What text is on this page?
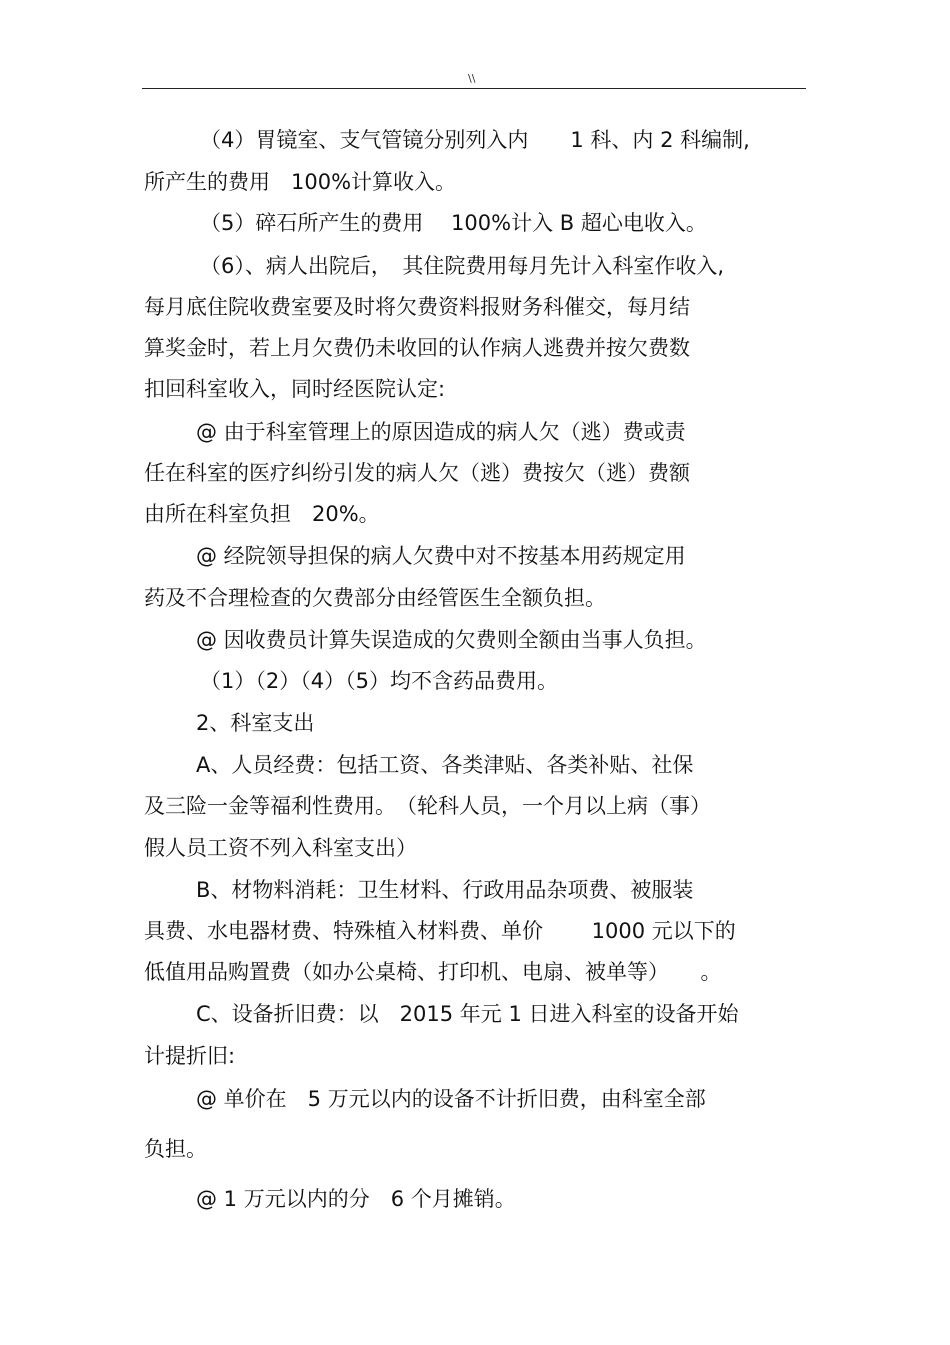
\\
（4）胃镜室、支气管镜分别列入内　　1 科、内 2 科编制,
所产生的费用　100%计算收入。
（5）碎石所产生的费用　 100%计入 B 超心电收入。
（6）、病人出院后，　其住院费用每月先计入科室作收入,
每月底住院收费室要及时将欠费资料报财务科催交，每月结
算奖金时，若上月欠费仍未收回的认作病人逃费并按欠费数
扣回科室收入，同时经医院认定:
@ 由于科室管理上的原因造成的病人欠（逃）费或责
任在科室的医疗纠纷引发的病人欠（逃）费按欠（逃）费额
由所在科室负担　20%。
@ 经院领导担保的病人欠费中对不按基本用药规定用
药及不合理检查的欠费部分由经管医生全额负担。
@ 因收费员计算失误造成的欠费则全额由当事人负担。
（1）（2）（4）（5）均不含药品费用。
2、科室支出
A、人员经费：包括工资、各类津贴、各类补贴、社保
及三险一金等福利性费用。　（轮科人员，一个月以上病（事）
假人员工资不列入科室支出）
B、材物料消耗：卫生材料、行政用品杂项费、被服装
具费、水电器材费、特殊植入材料费、单价　　 1000 元以下的
低值用品购置费（如办公桌椅、打印机、电扇、被单等）　　。
C、设备折旧费：以　2015 年元 1 日进入科室的设备开始
计提折旧:
@ 单价在　5 万元以内的设备不计折旧费，由科室全部
负担。
@ 1 万元以内的分　6 个月摊销。
